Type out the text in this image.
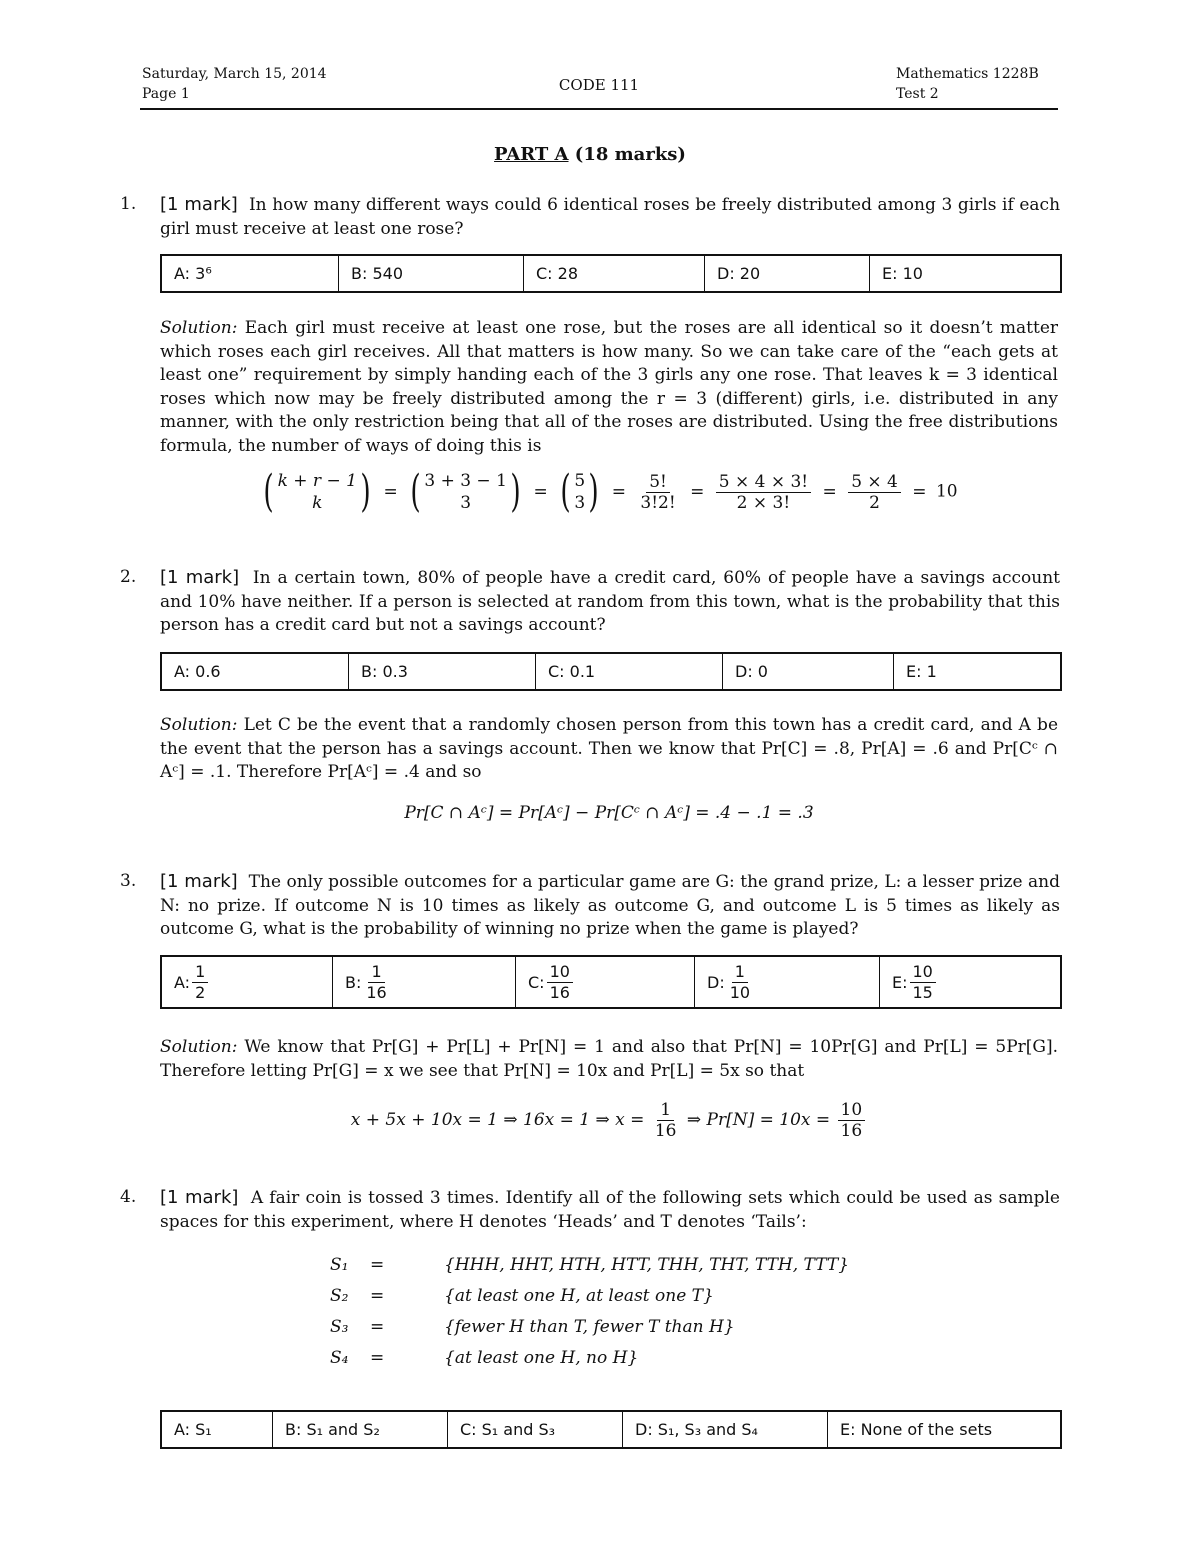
Saturday, March 15, 2014
Page 1	CODE 111
Mathematics 1228B
Test 2
PART A (18 marks)
1.	[1 mark] In how many different ways could 6 identical roses be freely distributed among 3 girls if each girl must receive at least one rose?
A: 3⁶	B: 540	C: 28	D: 20	E: 10
Solution: Each girl must receive at least one rose, but the roses are all identical so it doesn’t matter which roses each girl receives. All that matters is how many. So we can take care of the “each gets at least one” requirement by simply handing each of the 3 girls any one rose. That leaves k = 3 identical roses which now may be freely distributed among the r = 3 (different) girls, i.e. distributed in any manner, with the only restriction being that all of the roses are distributed. Using the free distributions formula, the number of ways of doing this is
( k + r − 1
k ) = ( 3 + 3 − 1
3 ) = ( 5
3 ) = $\frac{5!}{3!2!} = \frac{5 \times 4 \times 3!}{2 \times 3!} = \frac{5 \times 4}{2} = 10$
2.	[1 mark] In a certain town, 80% of people have a credit card, 60% of people have a savings account and 10% have neither. If a person is selected at random from this town, what is the probability that this person has a credit card but not a savings account?
A: 0.6	B: 0.3	C: 0.1	D: 0	E: 1
Solution: Let C be the event that a randomly chosen person from this town has a credit card, and A be the event that the person has a savings account. Then we know that Pr[C] = .8, Pr[A] = .6 and Pr[Cᶜ ∩ Aᶜ] = .1. Therefore Pr[Aᶜ] = .4 and so
Pr[C ∩ Aᶜ] = Pr[Aᶜ] − Pr[Cᶜ ∩ Aᶜ] = .4 − .1 = .3
3.	[1 mark] The only possible outcomes for a particular game are G: the grand prize, L: a lesser prize and N: no prize. If outcome N is 10 times as likely as outcome G, and outcome L is 5 times as likely as outcome G, what is the probability of winning no prize when the game is played?
A: $\frac{1}{2}$	B: $\frac{1}{16}$	C: $\frac{10}{16}$	D: $\frac{1}{10}$	E: $\frac{10}{15}$
Solution: We know that Pr[G] + Pr[L] + Pr[N] = 1 and also that Pr[N] = 10Pr[G] and Pr[L] = 5Pr[G]. Therefore letting Pr[G] = x we see that Pr[N] = 10x and Pr[L] = 5x so that
x + 5x + 10x = 1 ⇒ 16x = 1 ⇒ $x = \frac{1}{16}$ ⇒ $Pr[N] = 10x = \frac{10}{16}$
4.	[1 mark] A fair coin is tossed 3 times. Identify all of the following sets which could be used as sample spaces for this experiment, where H denotes ‘Heads’ and T denotes ‘Tails’:
S₁	=	{HHH, HHT, HTH, HTT, THH, THT, TTH, TTT}
S₂	=	{at least one H, at least one T}
S₃	=	{fewer H than T, fewer T than H}
S₄	=	{at least one H, no H}
A: S₁	B: S₁ and S₂	C: S₁ and S₃	D: S₁, S₃ and S₄	E: None of the sets
